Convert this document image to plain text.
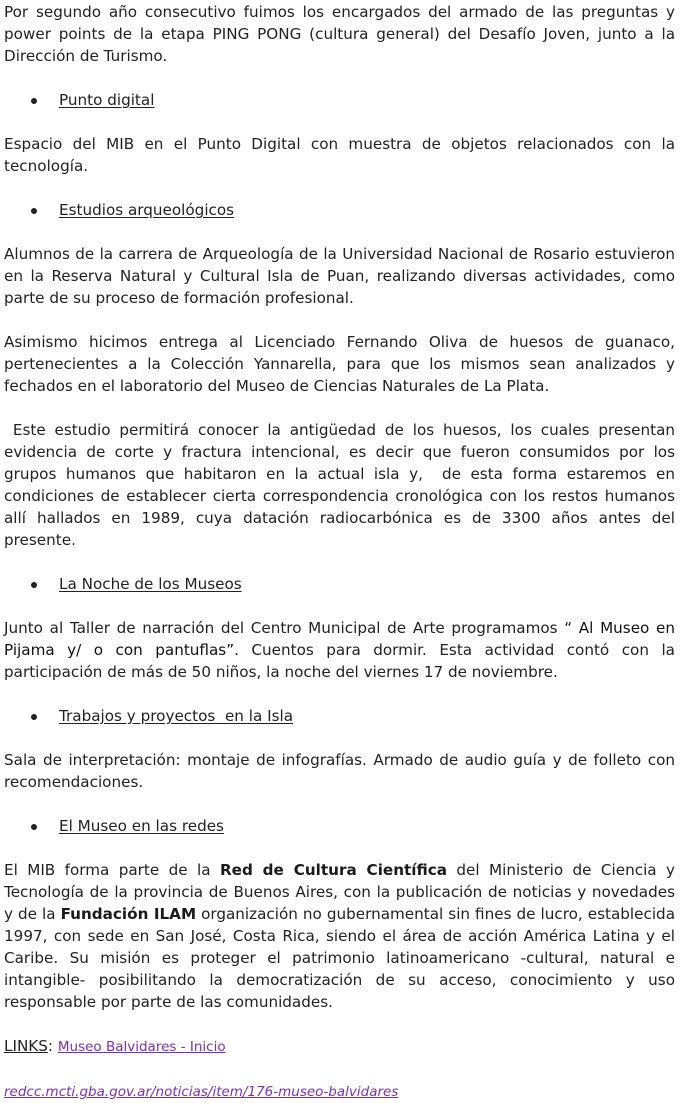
Por segundo año consecutivo fuimos los encargados del armado de las preguntas y power points de la etapa PING PONG (cultura general) del Desafío Joven, junto a la Dirección de Turismo.

Punto digital

Espacio del MIB en el Punto Digital con muestra de objetos relacionados con la tecnología.

Estudios arqueológicos

Alumnos de la carrera de Arqueología de la Universidad Nacional de Rosario estuvieron en la Reserva Natural y Cultural Isla de Puan, realizando diversas actividades, como parte de su proceso de formación profesional.

Asimismo hicimos entrega al Licenciado Fernando Oliva de huesos de guanaco, pertenecientes a la Colección Yannarella, para que los mismos sean analizados y fechados en el laboratorio del Museo de Ciencias Naturales de La Plata.

Este estudio permitirá conocer la antigüedad de los huesos, los cuales presentan evidencia de corte y fractura intencional, es decir que fueron consumidos por los grupos humanos que habitaron en la actual isla y,  de esta forma estaremos en condiciones de establecer cierta correspondencia cronológica con los restos humanos allí hallados en 1989, cuya datación radiocarbónica es de 3300 años antes del presente.

La Noche de los Museos

Junto al Taller de narración del Centro Municipal de Arte programamos “ Al Museo en Pijama y/ o con pantuflas”. Cuentos para dormir. Esta actividad contó con la participación de más de 50 niños, la noche del viernes 17 de noviembre.

Trabajos y proyectos  en la Isla

Sala de interpretación: montaje de infografías. Armado de audio guía y de folleto con recomendaciones.

El Museo en las redes

El MIB forma parte de la Red de Cultura Científica del Ministerio de Ciencia y Tecnología de la provincia de Buenos Aires, con la publicación de noticias y novedades y de la Fundación ILAM organización no gubernamental sin fines de lucro, establecida 1997, con sede en San José, Costa Rica, siendo el área de acción América Latina y el Caribe. Su misión es proteger el patrimonio latinoamericano -cultural, natural e intangible- posibilitando la democratización de su acceso, conocimiento y uso responsable por parte de las comunidades.

LINKS: Museo Balvidares - Inicio

redcc.mcti.gba.gov.ar/noticias/item/176-museo-balvidares
